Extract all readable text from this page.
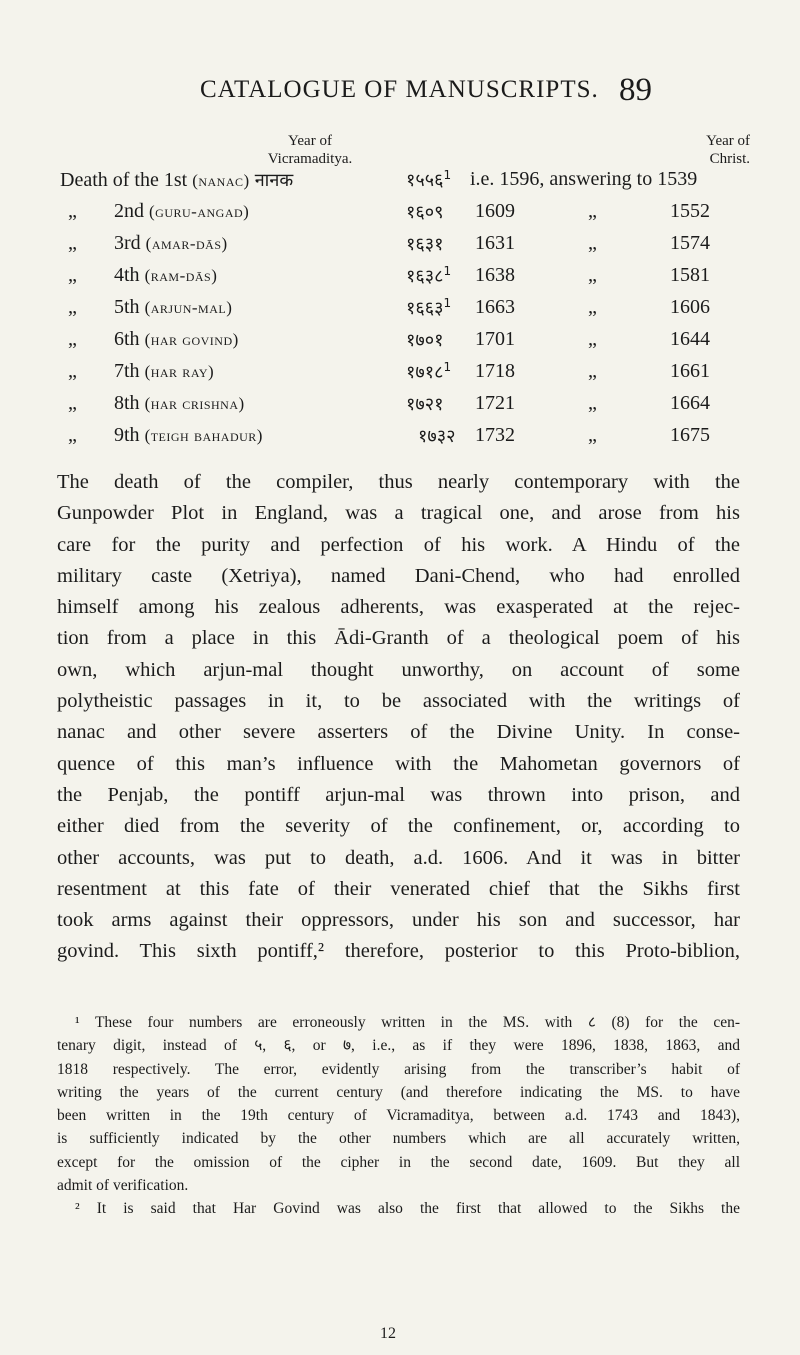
CATALOGUE OF MANUSCRIPTS. 89
Year of
Vicramaditya.
Year of
Christ.
Death of the 1st (nanac) नानक	१५५६$^1$ i.e. 1596, answering to 1539
„ 2nd (guru-angad)	१६०९	1609	„	1552
„ 3rd (amar-dās)	१६३१	1631	„	1574
„ 4th (ram-dās)	१६३८$^1$	1638	„	1581
„ 5th (arjun-mal)	१६६३$^1$	1663	„	1606
„ 6th (har govind)	१७०१	1701	„	1644
„ 7th (har ray)	१७१८$^1$	1718	„	1661
„ 8th (har crishna)	१७२१	1721	„	1664
„ 9th (teigh bahadur)	१७३२ 1732	„	1675
The death of the compiler, thus nearly contemporary with the
Gunpowder Plot in England, was a tragical one, and arose from his
care for the purity and perfection of his work. A Hindu of the
military caste (Xetriya), named Dani-Chend, who had enrolled
himself among his zealous adherents, was exasperated at the rejec-
tion from a place in this Ādi-Granth of a theological poem of his
own, which arjun-mal thought unworthy, on account of some
polytheistic passages in it, to be associated with the writings of
nanac and other severe asserters of the Divine Unity. In conse-
quence of this man’s influence with the Mahometan governors of
the Penjab, the pontiff arjun-mal was thrown into prison, and
either died from the severity of the confinement, or, according to
other accounts, was put to death, a.d. 1606. And it was in bitter
resentment at this fate of their venerated chief that the Sikhs first
took arms against their oppressors, under his son and successor, har
govind. This sixth pontiff,² therefore, posterior to this Proto-biblion,
¹ These four numbers are erroneously written in the MS. with ८ (8) for the cen-
tenary digit, instead of ५, ६, or ७, i.e., as if they were 1896, 1838, 1863, and
1818 respectively. The error, evidently arising from the transcriber’s habit of
writing the years of the current century (and therefore indicating the MS. to have
been written in the 19th century of Vicramaditya, between a.d. 1743 and 1843),
is sufficiently indicated by the other numbers which are all accurately written,
except for the omission of the cipher in the second date, 1609. But they all
admit of verification.
² It is said that Har Govind was also the first that allowed to the Sikhs the
12
